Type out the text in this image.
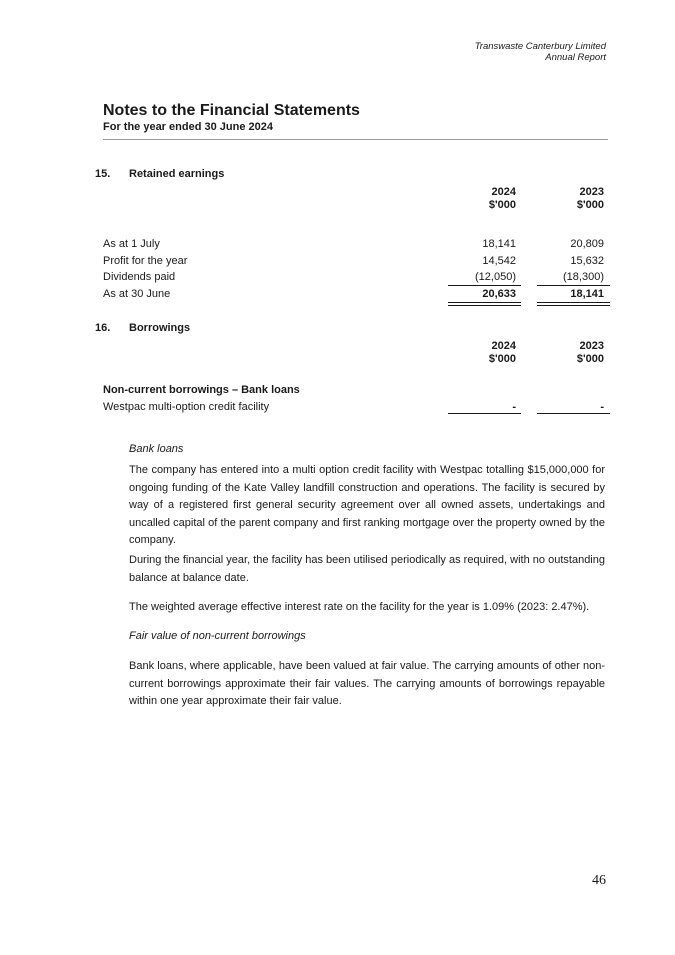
Transwaste Canterbury Limited
Annual Report
Notes to the Financial Statements
For the year ended 30 June 2024
15. Retained earnings
2024
$'000
2023
$'000
As at 1 July	18,141	20,809
Profit for the year	14,542	15,632
Dividends paid	(12,050)	(18,300)
As at 30 June	20,633	18,141
16. Borrowings
2024
$'000
2023
$'000
Non-current borrowings – Bank loans
Westpac multi-option credit facility	-	-
Bank loans
The company has entered into a multi option credit facility with Westpac totalling $15,000,000 for ongoing funding of the Kate Valley landfill construction and operations. The facility is secured by way of a registered first general security agreement over all owned assets, undertakings and uncalled capital of the parent company and first ranking mortgage over the property owned by the company.
During the financial year, the facility has been utilised periodically as required, with no outstanding balance at balance date.
The weighted average effective interest rate on the facility for the year is 1.09% (2023: 2.47%).
Fair value of non-current borrowings
Bank loans, where applicable, have been valued at fair value. The carrying amounts of other non-current borrowings approximate their fair values. The carrying amounts of borrowings repayable within one year approximate their fair value.
46
